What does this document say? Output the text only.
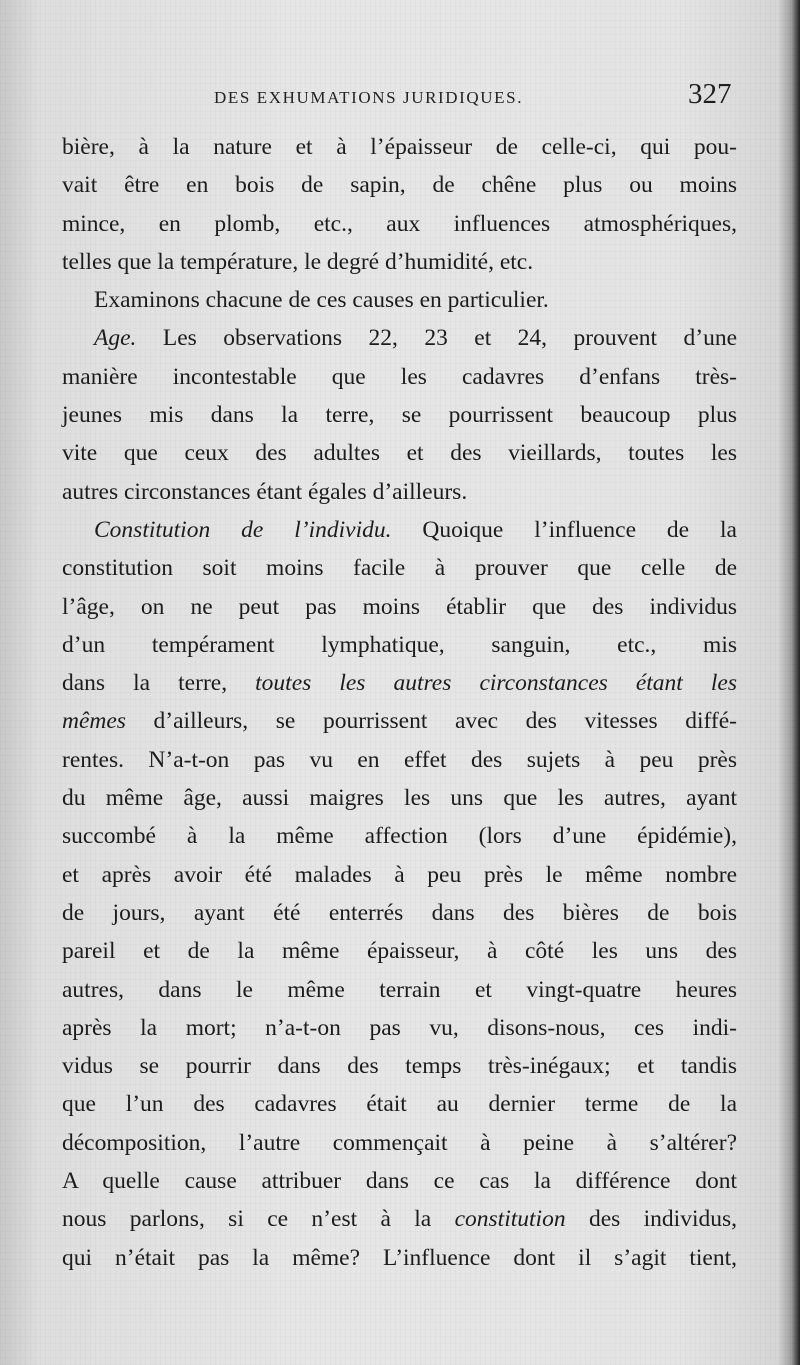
DES EXHUMATIONS JURIDIQUES.	327
bière, à la nature et à l’épaisseur de celle-ci, qui pou-
vait être en bois de sapin, de chêne plus ou moins
mince, en plomb, etc., aux influences atmosphériques,
telles que la température, le degré d’humidité, etc.
Examinons chacune de ces causes en particulier.
Age. Les observations 22, 23 et 24, prouvent d’une
manière incontestable que les cadavres d’enfans très-
jeunes mis dans la terre, se pourrissent beaucoup plus
vite que ceux des adultes et des vieillards, toutes les
autres circonstances étant égales d’ailleurs.
Constitution de l’individu. Quoique l’influence de la
constitution soit moins facile à prouver que celle de
l’âge, on ne peut pas moins établir que des individus
d’un tempérament lymphatique, sanguin, etc., mis
dans la terre, toutes les autres circonstances étant les
mêmes d’ailleurs, se pourrissent avec des vitesses diffé-
rentes. N’a-t-on pas vu en effet des sujets à peu près
du même âge, aussi maigres les uns que les autres, ayant
succombé à la même affection (lors d’une épidémie),
et après avoir été malades à peu près le même nombre
de jours, ayant été enterrés dans des bières de bois
pareil et de la même épaisseur, à côté les uns des
autres, dans le même terrain et vingt-quatre heures
après la mort; n’a-t-on pas vu, disons-nous, ces indi-
vidus se pourrir dans des temps très-inégaux; et tandis
que l’un des cadavres était au dernier terme de la
décomposition, l’autre commençait à peine à s’altérer?
A quelle cause attribuer dans ce cas la différence dont
nous parlons, si ce n’est à la constitution des individus,
qui n’était pas la même? L’influence dont il s’agit tient,
